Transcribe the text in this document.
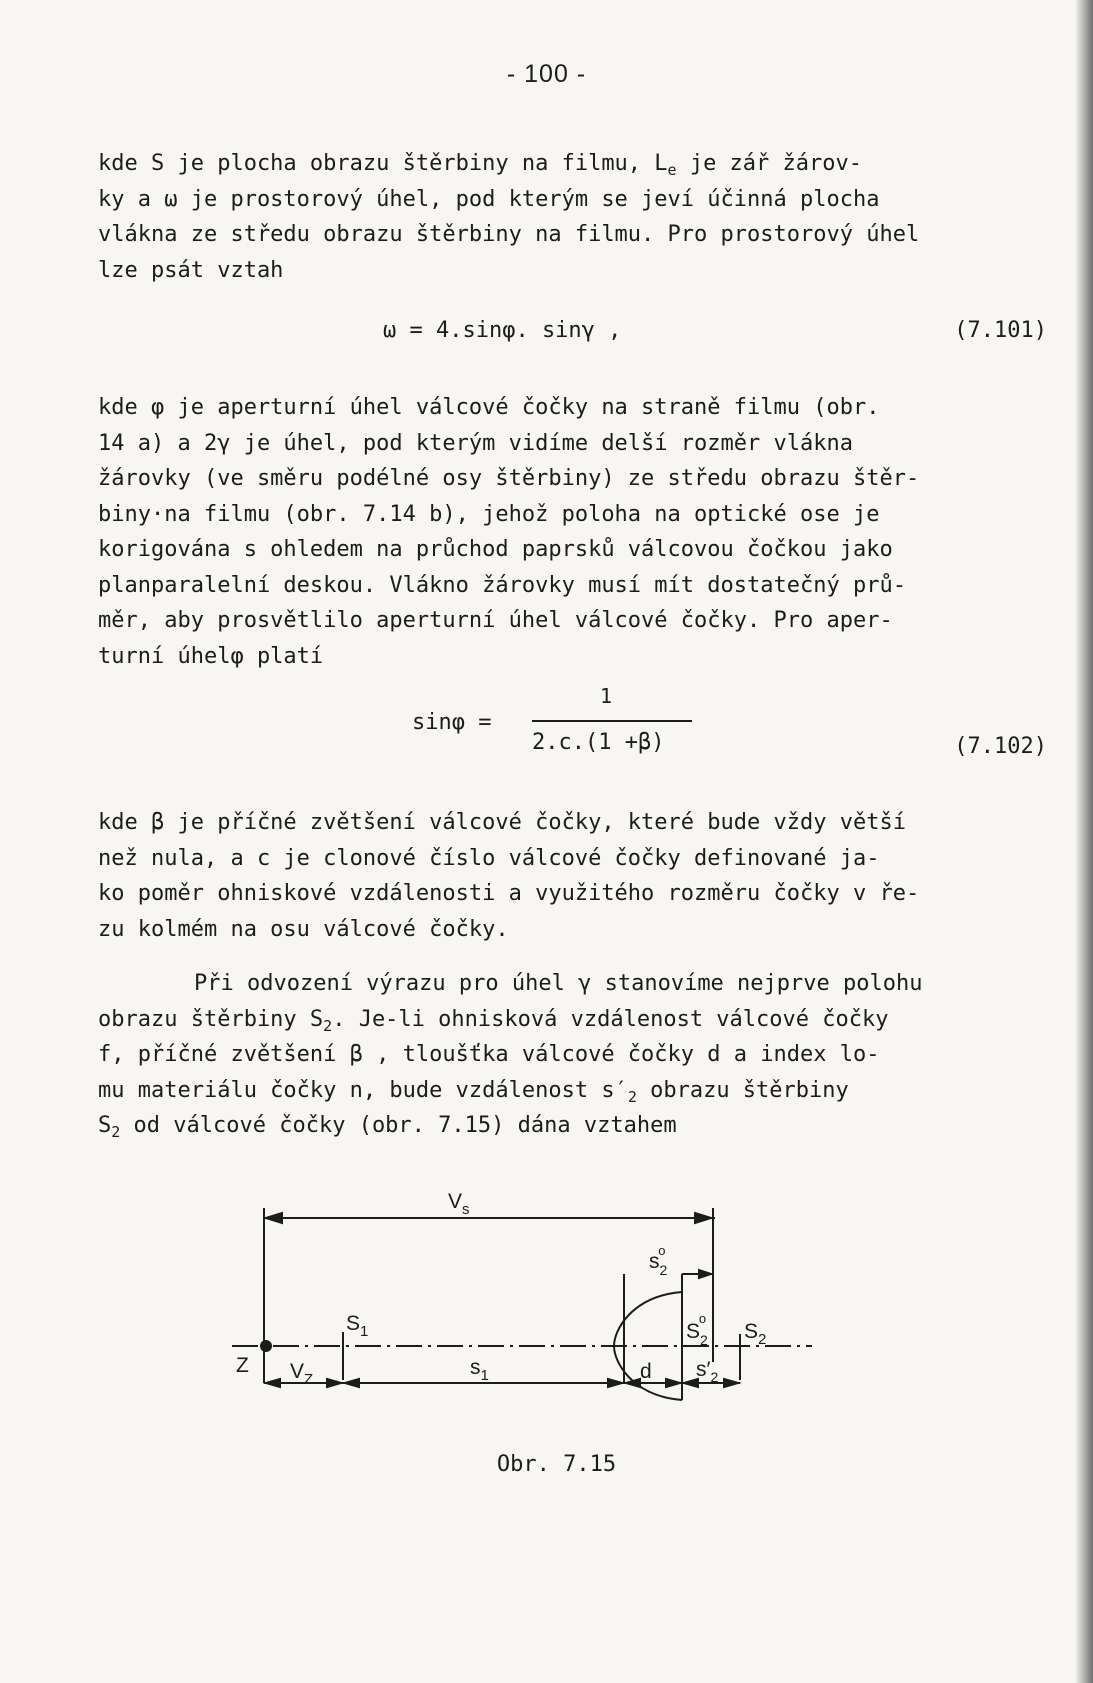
- 100 -
kde S je plocha obrazu štěrbiny na filmu, $L_e$ je zář žárov-
ky a ω je prostorový úhel, pod kterým se jeví účinná plocha
vlákna ze středu obrazu štěrbiny na filmu. Pro prostorový úhel
lze psát vztah
ω = 4.sinφ. sinγ ,	(7.101)
kde φ je aperturní úhel válcové čočky na straně filmu (obr.
14 a) a 2γ je úhel, pod kterým vidíme delší rozměr vlákna
žárovky (ve směru podélné osy štěrbiny) ze středu obrazu štěr-
biny·na filmu (obr. 7.14 b), jehož poloha na optické ose je
korigována s ohledem na průchod paprsků válcovou čočkou jako
planparalelní deskou. Vlákno žárovky musí mít dostatečný prů-
měr, aby prosvětlilo aperturní úhel válcové čočky. Pro aper-
turní úhelφ platí
sinφ =
1
2.c.(1 +β)	(7.102)
kde β je příčné zvětšení válcové čočky, které bude vždy větší
než nula, a c je clonové číslo válcové čočky definované ja-
ko poměr ohniskové vzdálenosti a využitého rozměru čočky v ře-
zu kolmém na osu válcové čočky.
Při odvození výrazu pro úhel γ stanovíme nejprve polohu
obrazu štěrbiny $S_2$. Je-li ohnisková vzdálenost válcové čočky
f, příčné zvětšení β , tloušťka válcové čočky d a index lo-
mu materiálu čočky n, bude vzdálenost $s'_2$ obrazu štěrbiny
$S_2$ od válcové čočky (obr. 7.15) dána vztahem
$V_s$
$s_2o$
$S_1$	$S_2o$
$S_2$
Z $V_Z$
$s_1$	d $s'_2$
Obr. 7.15
